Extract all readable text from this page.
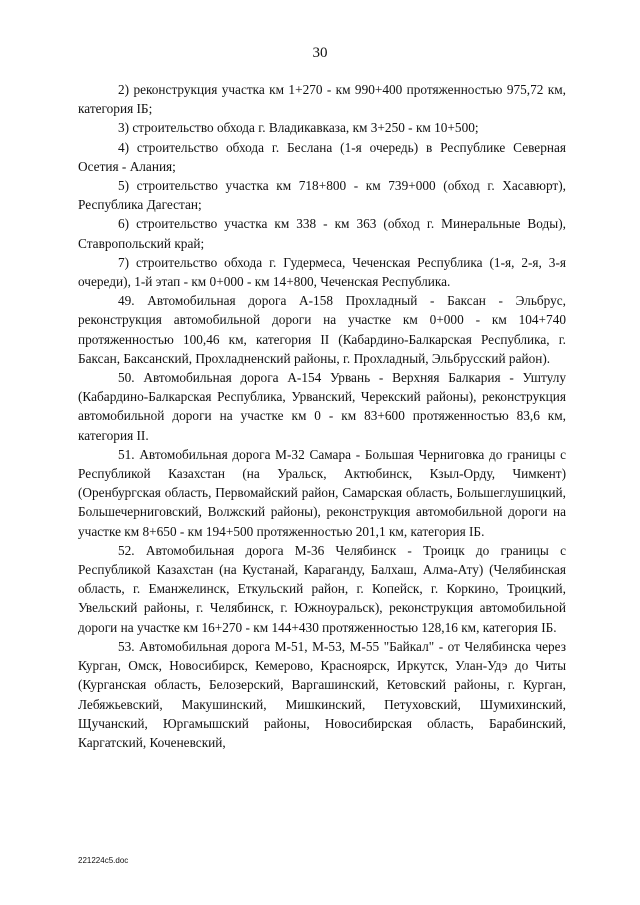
30

2) реконструкция участка км 1+270 - км 990+400 протяженностью 975,72 км, категория IБ;

3) строительство обхода г. Владикавказа, км 3+250 - км 10+500;

4) строительство обхода г. Беслана (1-я очередь) в Республике Северная Осетия - Алания;

5) строительство участка км 718+800 - км 739+000 (обход г. Хасавюрт), Республика Дагестан;

6) строительство участка км 338 - км 363 (обход г. Минеральные Воды), Ставропольский край;

7) строительство обхода г. Гудермеса, Чеченская Республика (1-я, 2-я, 3-я очереди), 1-й этап - км 0+000 - км 14+800, Чеченская Республика.

49. Автомобильная дорога А-158 Прохладный - Баксан - Эльбрус, реконструкция автомобильной дороги на участке км 0+000 - км 104+740 протяженностью 100,46 км, категория II (Кабардино-Балкарская Республика, г. Баксан, Баксанский, Прохладненский районы, г. Прохладный, Эльбрусский район).

50. Автомобильная дорога А-154 Урвань - Верхняя Балкария - Уштулу (Кабардино-Балкарская Республика, Урванский, Черекский районы), реконструкция автомобильной дороги на участке км 0 - км 83+600 протяженностью 83,6 км, категория II.

51. Автомобильная дорога М-32 Самара - Большая Черниговка до границы с Республикой Казахстан (на Уральск, Актюбинск, Кзыл-Орду, Чимкент) (Оренбургская область, Первомайский район, Самарская область, Большеглушицкий, Большечерниговский, Волжский районы), реконструкция автомобильной дороги на участке км 8+650 - км 194+500 протяженностью 201,1 км, категория IБ.

52. Автомобильная дорога М-36 Челябинск - Троицк до границы с Республикой Казахстан (на Кустанай, Караганду, Балхаш, Алма-Ату) (Челябинская область, г. Еманжелинск, Еткульский район, г. Копейск, г. Коркино, Троицкий, Увельский районы, г. Челябинск, г. Южноуральск), реконструкция автомобильной дороги на участке км 16+270 - км 144+430 протяженностью 128,16 км, категория IБ.

53. Автомобильная дорога М-51, М-53, М-55 "Байкал" - от Челябинска через Курган, Омск, Новосибирск, Кемерово, Красноярск, Иркутск, Улан-Удэ до Читы (Курганская область, Белозерский, Варгашинский, Кетовский районы, г. Курган, Лебяжьевский, Макушинский, Мишкинский, Петуховский, Шумихинский, Щучанский, Юргамышский районы, Новосибирская область, Барабинский, Каргатский, Коченевский,

221224c5.doc
